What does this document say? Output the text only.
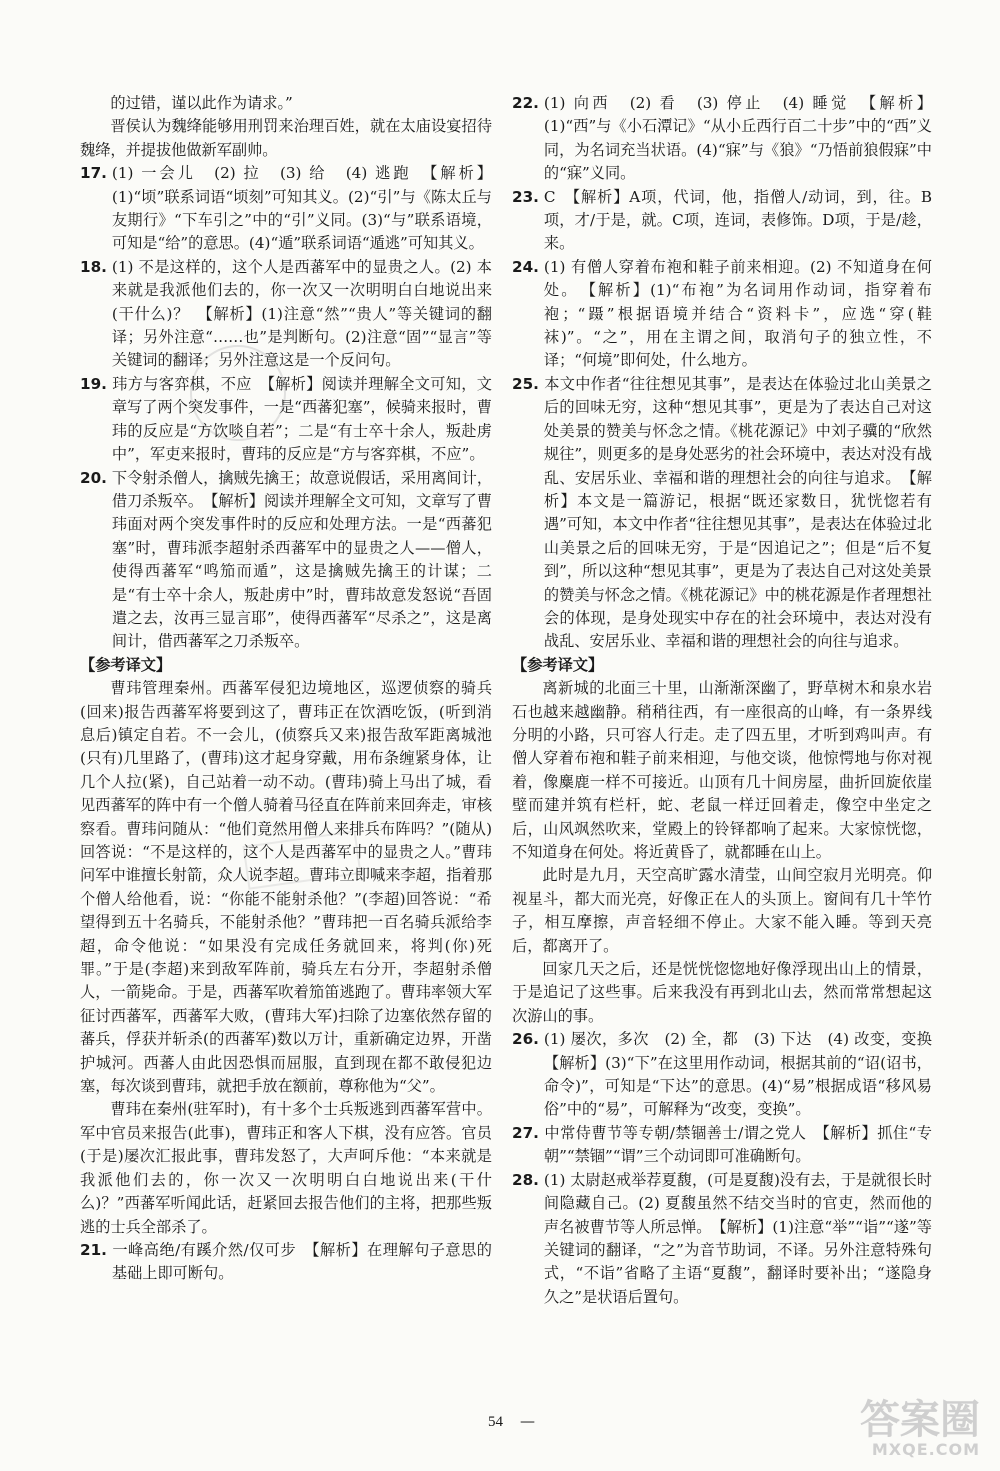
的过错，谨以此作为请求。”

晋侯认为魏绛能够用刑罚来治理百姓，就在太庙设宴招待魏绛，并提拔他做新军副帅。

17. (1) 一会儿　(2) 拉　(3) 给　(4) 逃跑　【解析】(1)“顷”联系词语“顷刻”可知其义。(2)“引”与《陈太丘与友期行》“下车引之”中的“引”义同。(3)“与”联系语境，可知是“给”的意思。(4)“遁”联系词语“遁逃”可知其义。

18. (1) 不是这样的，这个人是西蕃军中的显贵之人。(2) 本来就是我派他们去的，你一次又一次明明白白地说出来(干什么)？　【解析】(1)注意“然”“贵人”等关键词的翻译；另外注意“……也”是判断句。(2)注意“固”“显言”等关键词的翻译；另外注意这是一个反问句。

19. 玮方与客弈棋，不应　【解析】阅读并理解全文可知，文章写了两个突发事件，一是“西蕃犯塞”，候骑来报时，曹玮的反应是“方饮啖自若”；二是“有士卒十余人，叛赴虏中”，军吏来报时，曹玮的反应是“方与客弈棋，不应”。

20. 下令射杀僧人，擒贼先擒王；故意说假话，采用离间计，借刀杀叛卒。　【解析】阅读并理解全文可知，文章写了曹玮面对两个突发事件时的反应和处理方法。一是“西蕃犯塞”时，曹玮派李超射杀西蕃军中的显贵之人——僧人，使得西蕃军“鸣笳而遁”，这是擒贼先擒王的计谋；二是“有士卒十余人，叛赴虏中”时，曹玮故意发怒说“吾固遣之去，汝再三显言耶”，使得西蕃军“尽杀之”，这是离间计，借西蕃军之刀杀叛卒。

【参考译文】

曹玮管理秦州。西蕃军侵犯边境地区，巡逻侦察的骑兵(回来)报告西蕃军将要到这了，曹玮正在饮酒吃饭，(听到消息后)镇定自若。不一会儿，(侦察兵又来)报告敌军距离城池(只有)几里路了，(曹玮)这才起身穿戴，用布条缠紧身体，让几个人拉(紧)，自己站着一动不动。(曹玮)骑上马出了城，看见西蕃军的阵中有一个僧人骑着马径直在阵前来回奔走，审核察看。曹玮问随从：“他们竟然用僧人来排兵布阵吗？”(随从)回答说：“不是这样的，这个人是西蕃军中的显贵之人。”曹玮问军中谁擅长射箭，众人说李超。曹玮立即喊来李超，指着那个僧人给他看，说：“你能不能射杀他？”(李超)回答说：“希望得到五十名骑兵，不能射杀他？”曹玮把一百名骑兵派给李超，命令他说：“如果没有完成任务就回来，将判(你)死罪。”于是(李超)来到敌军阵前，骑兵左右分开，李超射杀僧人，一箭毙命。于是，西蕃军吹着笳笛逃跑了。曹玮率领大军征讨西蕃军，西蕃军大败，(曹玮大军)扫除了边塞依然存留的蕃兵，俘获并斩杀(的西蕃军)数以万计，重新确定边界，开凿护城河。西蕃人由此因恐惧而屈服，直到现在都不敢侵犯边塞，每次谈到曹玮，就把手放在额前，尊称他为“父”。

曹玮在秦州(驻军时)，有十多个士兵叛逃到西蕃军营中。军中官员来报告(此事)，曹玮正和客人下棋，没有应答。官员(于是)屡次汇报此事，曹玮发怒了，大声呵斥他：“本来就是我派他们去的，你一次又一次明明白白地说出来(干什么)？”西蕃军听闻此话，赶紧回去报告他们的主将，把那些叛逃的士兵全部杀了。

21. 一峰高绝/有蹊介然/仅可步　【解析】在理解句子意思的基础上即可断句。

22. (1) 向西　(2) 看　(3) 停止　(4) 睡觉　【解析】(1)“西”与《小石潭记》“从小丘西行百二十步”中的“西”义同，为名词充当状语。(4)“寐”与《狼》“乃悟前狼假寐”中的“寐”义同。

23. C　【解析】A项，代词，他，指僧人/动词，到，往。B项，才/于是，就。C项，连词，表修饰。D项，于是/趁，来。

24. (1) 有僧人穿着布袍和鞋子前来相迎。(2) 不知道身在何处。　【解析】(1)“布袍”为名词用作动词，指穿着布袍；“蹑”根据语境并结合“资料卡”，应选“穿(鞋袜)”。“之”，用在主谓之间，取消句子的独立性，不译；“何境”即何处，什么地方。

25. 本文中作者“往往想见其事”，是表达在体验过北山美景之后的回味无穷，这种“想见其事”，更是为了表达自己对这处美景的赞美与怀念之情。《桃花源记》中刘子骥的“欣然规往”，则更多的是身处恶劣的社会环境中，表达对没有战乱、安居乐业、幸福和谐的理想社会的向往与追求。　【解析】本文是一篇游记，根据“既还家数日，犹恍惚若有遇”可知，本文中作者“往往想见其事”，是表达在体验过北山美景之后的回味无穷，于是“因追记之”；但是“后不复到”，所以这种“想见其事”，更是为了表达自己对这处美景的赞美与怀念之情。《桃花源记》中的桃花源是作者理想社会的体现，是身处现实中存在的社会环境中，表达对没有战乱、安居乐业、幸福和谐的理想社会的向往与追求。

【参考译文】

离新城的北面三十里，山渐渐深幽了，野草树木和泉水岩石也越来越幽静。稍稍往西，有一座很高的山峰，有一条界线分明的小路，只可容人行走。走了四五里，才听到鸡叫声。有僧人穿着布袍和鞋子前来相迎，与他交谈，他惊愕地与你对视着，像麋鹿一样不可接近。山顶有几十间房屋，曲折回旋依崖壁而建并筑有栏杆，蛇、老鼠一样迂回着走，像空中坐定之后，山风飒然吹来，堂殿上的铃铎都响了起来。大家惊恍惚，不知道身在何处。将近黄昏了，就都睡在山上。

此时是九月，天空高旷露水清莹，山间空寂月光明亮。仰视星斗，都大而光亮，好像正在人的头顶上。窗间有几十竿竹子，相互摩擦，声音轻细不停止。大家不能入睡。等到天亮后，都离开了。

回家几天之后，还是恍恍惚惚地好像浮现出山上的情景，于是追记了这些事。后来我没有再到北山去，然而常常想起这次游山的事。

26. (1) 屡次，多次　(2) 全，都　(3) 下达　(4) 改变，变换　【解析】(3)“下”在这里用作动词，根据其前的“诏(诏书，命令)”，可知是“下达”的意思。(4)“易”根据成语“移风易俗”中的“易”，可解释为“改变，变换”。

27. 中常侍曹节等专朝/禁锢善士/谓之党人　【解析】抓住“专朝”“禁锢”“谓”三个动词即可准确断句。

28. (1) 太尉赵戒举荐夏馥，(可是夏馥)没有去，于是就很长时间隐藏自己。(2) 夏馥虽然不结交当时的官吏，然而他的声名被曹节等人所忌惮。　【解析】(1)注意“举”“诣”“遂”等关键词的翻译，“之”为音节助词，不译。另外注意特殊句式，“不诣”省略了主语“夏馥”，翻译时要补出；“遂隐身久之”是状语后置句。

54 —	答案圈
MXQE.COM
